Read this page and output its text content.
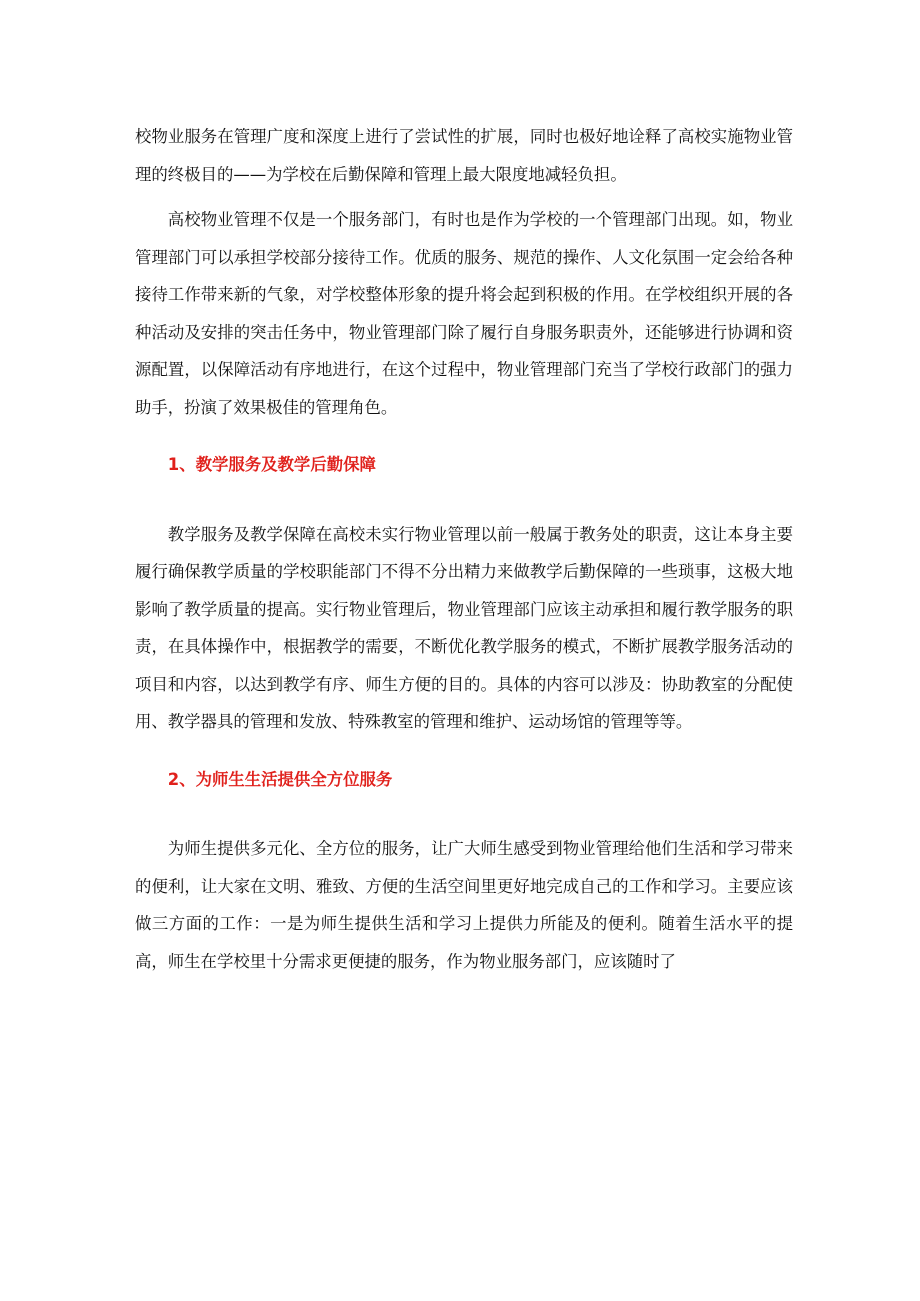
校物业服务在管理广度和深度上进行了尝试性的扩展，同时也极好地诠释了高校实施物业管理的终极目的——为学校在后勤保障和管理上最大限度地减轻负担。

高校物业管理不仅是一个服务部门，有时也是作为学校的一个管理部门出现。如，物业管理部门可以承担学校部分接待工作。优质的服务、规范的操作、人文化氛围一定会给各种接待工作带来新的气象，对学校整体形象的提升将会起到积极的作用。在学校组织开展的各种活动及安排的突击任务中，物业管理部门除了履行自身服务职责外，还能够进行协调和资源配置，以保障活动有序地进行，在这个过程中，物业管理部门充当了学校行政部门的强力助手，扮演了效果极佳的管理角色。

1、教学服务及教学后勤保障

教学服务及教学保障在高校未实行物业管理以前一般属于教务处的职责，这让本身主要履行确保教学质量的学校职能部门不得不分出精力来做教学后勤保障的一些琐事，这极大地影响了教学质量的提高。实行物业管理后，物业管理部门应该主动承担和履行教学服务的职责，在具体操作中，根据教学的需要，不断优化教学服务的模式，不断扩展教学服务活动的项目和内容，以达到教学有序、师生方便的目的。具体的内容可以涉及：协助教室的分配使用、教学器具的管理和发放、特殊教室的管理和维护、运动场馆的管理等等。

2、为师生生活提供全方位服务

为师生提供多元化、全方位的服务，让广大师生感受到物业管理给他们生活和学习带来的便利，让大家在文明、雅致、方便的生活空间里更好地完成自己的工作和学习。主要应该做三方面的工作：一是为师生提供生活和学习上提供力所能及的便利。随着生活水平的提高，师生在学校里十分需求更便捷的服务，作为物业服务部门，应该随时了
